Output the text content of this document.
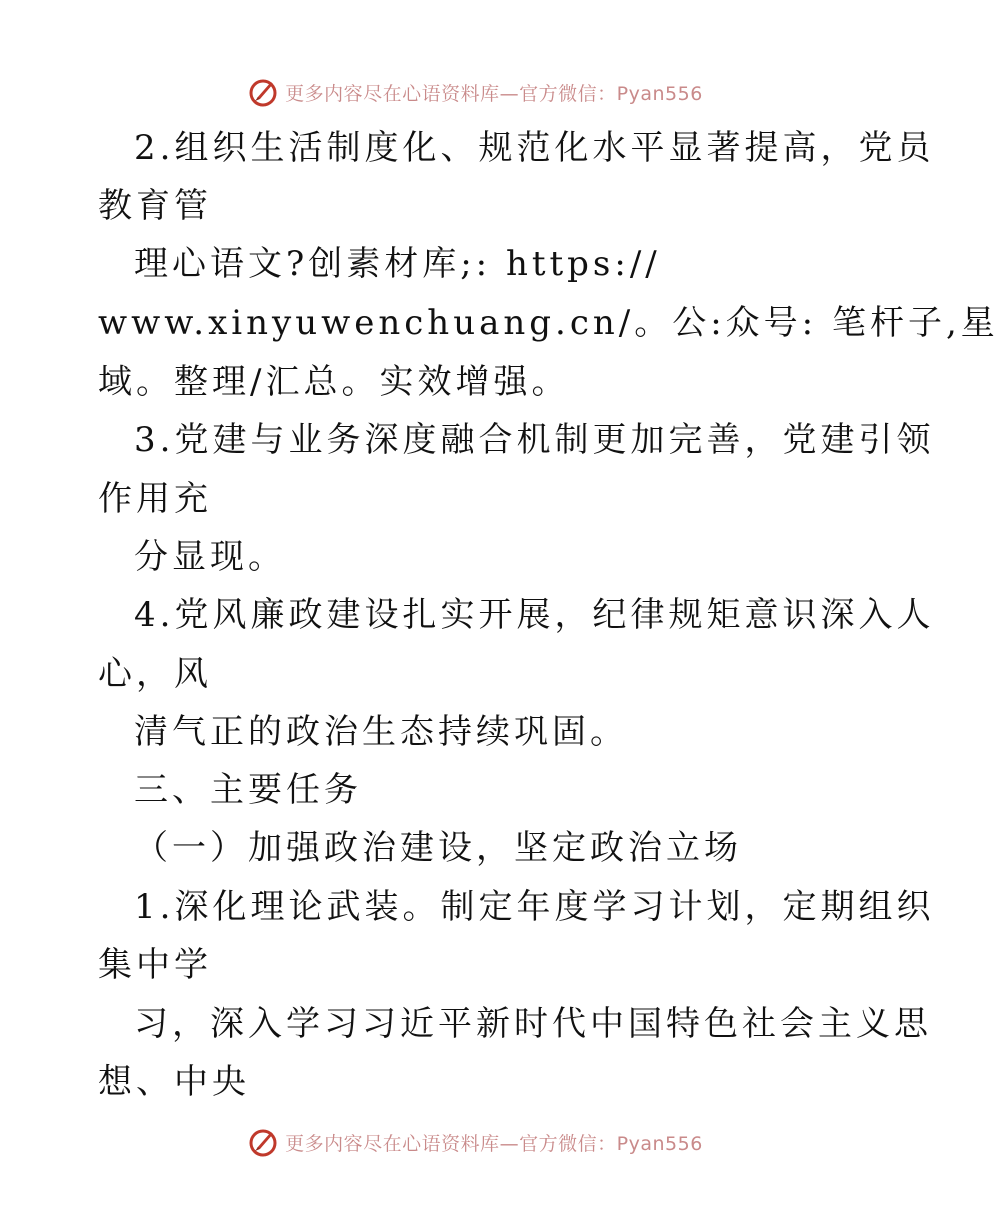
更多内容尽在心语资料库—官方微信：Pyan556
2.组织生活制度化、规范化水平显著提高，党员
教育管
理心语文?创素材库;: https://
www.xinyuwenchuang.cn/。公:众号: 笔杆子,星
域。整理/汇总。实效增强。
3.党建与业务深度融合机制更加完善，党建引领
作用充
分显现。
4.党风廉政建设扎实开展，纪律规矩意识深入人
心，风
清气正的政治生态持续巩固。
三、主要任务
（一）加强政治建设，坚定政治立场
1.深化理论武装。制定年度学习计划，定期组织
集中学
习，深入学习习近平新时代中国特色社会主义思
想、中央
更多内容尽在心语资料库—官方微信：Pyan556
